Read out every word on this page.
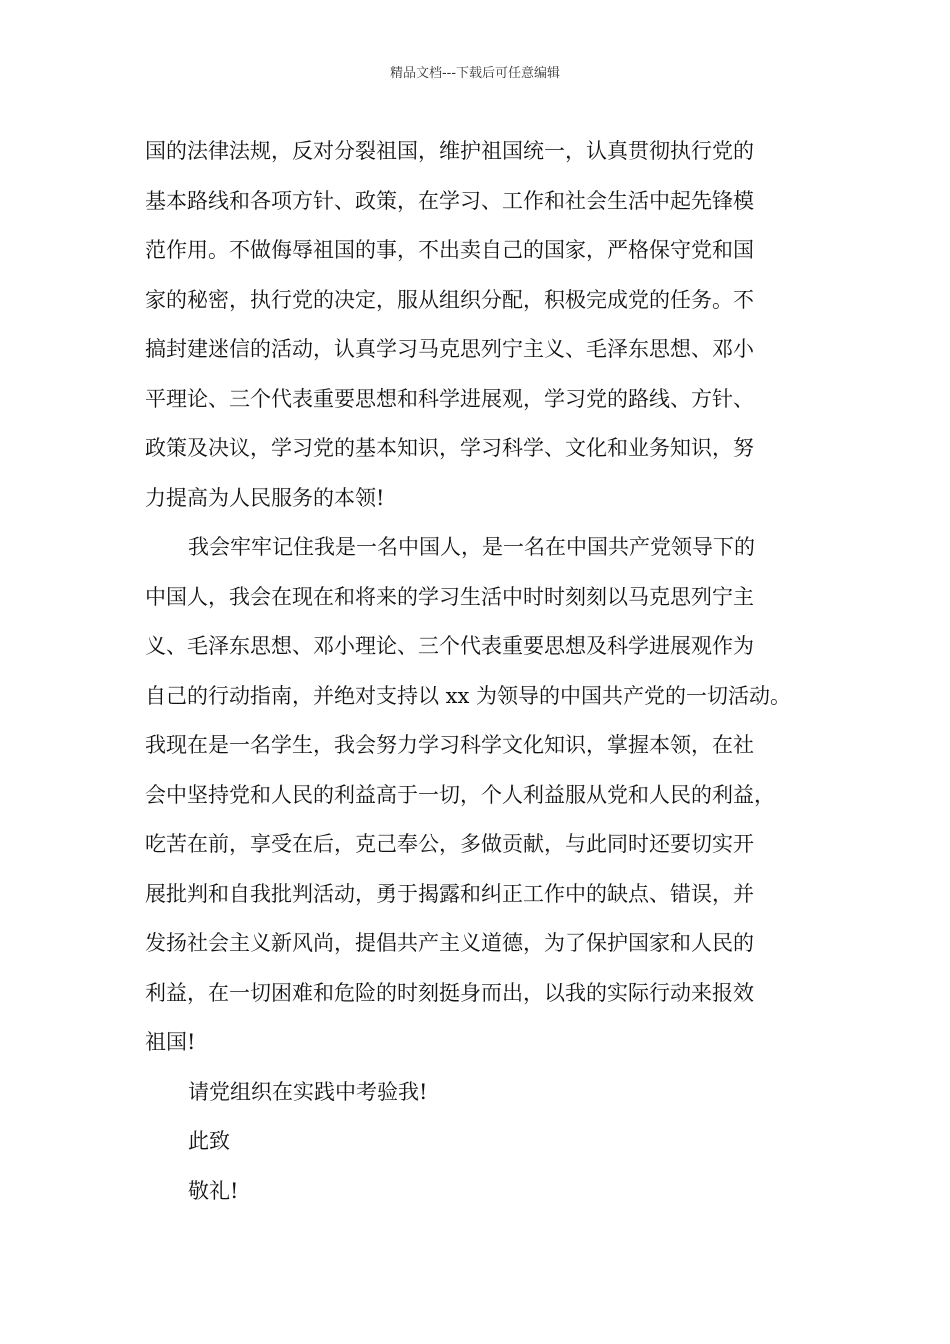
精品文档---下载后可任意编辑
国的法律法规，反对分裂祖国，维护祖国统一，认真贯彻执行党的
基本路线和各项方针、政策，在学习、工作和社会生活中起先锋模
范作用。不做侮辱祖国的事，不出卖自己的国家，严格保守党和国
家的秘密，执行党的决定，服从组织分配，积极完成党的任务。不
搞封建迷信的活动，认真学习马克思列宁主义、毛泽东思想、邓小
平理论、三个代表重要思想和科学进展观，学习党的路线、方针、
政策及决议，学习党的基本知识，学习科学、文化和业务知识，努
力提高为人民服务的本领!
我会牢牢记住我是一名中国人，是一名在中国共产党领导下的
中国人，我会在现在和将来的学习生活中时时刻刻以马克思列宁主
义、毛泽东思想、邓小理论、三个代表重要思想及科学进展观作为
自己的行动指南，并绝对支持以 xx 为领导的中国共产党的一切活动。
我现在是一名学生，我会努力学习科学文化知识，掌握本领，在社
会中坚持党和人民的利益高于一切，个人利益服从党和人民的利益，
吃苦在前，享受在后，克己奉公，多做贡献，与此同时还要切实开
展批判和自我批判活动，勇于揭露和纠正工作中的缺点、错误，并
发扬社会主义新风尚，提倡共产主义道德，为了保护国家和人民的
利益，在一切困难和危险的时刻挺身而出，以我的实际行动来报效
祖国!
请党组织在实践中考验我!
此致
敬礼!
